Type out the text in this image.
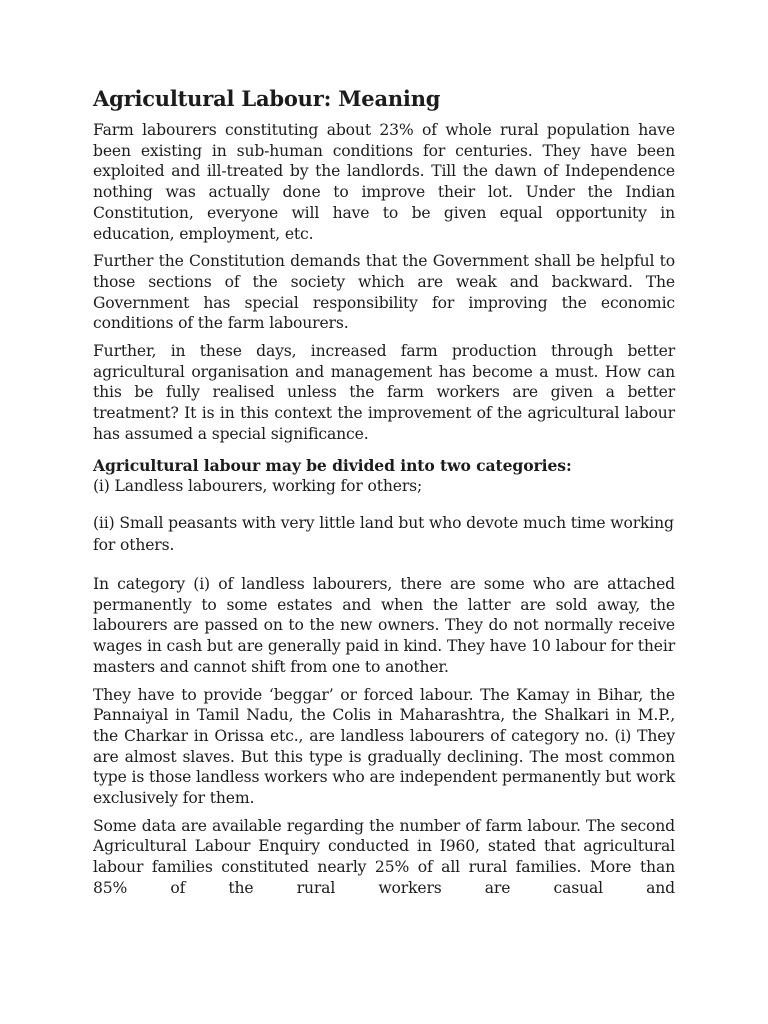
Agricultural Labour: Meaning

Farm labourers constituting about 23% of whole rural population have been existing in sub-human conditions for centuries. They have been exploited and ill-treated by the landlords. Till the dawn of Independence nothing was actually done to improve their lot. Under the Indian Constitution, everyone will have to be given equal opportunity in education, employment, etc.

Further the Constitution demands that the Government shall be helpful to those sections of the society which are weak and backward. The Government has special responsibility for improving the economic conditions of the farm labourers.

Further, in these days, increased farm production through better agricultural organisation and management has become a must. How can this be fully realised unless the farm workers are given a better treatment? It is in this context the improvement of the agricultural labour has assumed a special significance.

Agricultural labour may be divided into two categories:
(i) Landless labourers, working for others;
(ii) Small peasants with very little land but who devote much time working for others.

In category (i) of landless labourers, there are some who are attached permanently to some estates and when the latter are sold away, the labourers are passed on to the new owners. They do not normally receive wages in cash but are generally paid in kind. They have 10 labour for their masters and cannot shift from one to another.

They have to provide ‘beggar’ or forced labour. The Kamay in Bihar, the Pannaiyal in Tamil Nadu, the Colis in Maharashtra, the Shalkari in M.P., the Charkar in Orissa etc., are landless labourers of category no. (i) They are almost slaves. But this type is gradually declining. The most common type is those landless workers who are independent permanently but work exclusively for them.

Some data are available regarding the number of farm labour. The second Agricultural Labour Enquiry conducted in I960, stated that agricultural labour families constituted nearly 25% of all rural families. More than 85% of the rural workers are casual and
